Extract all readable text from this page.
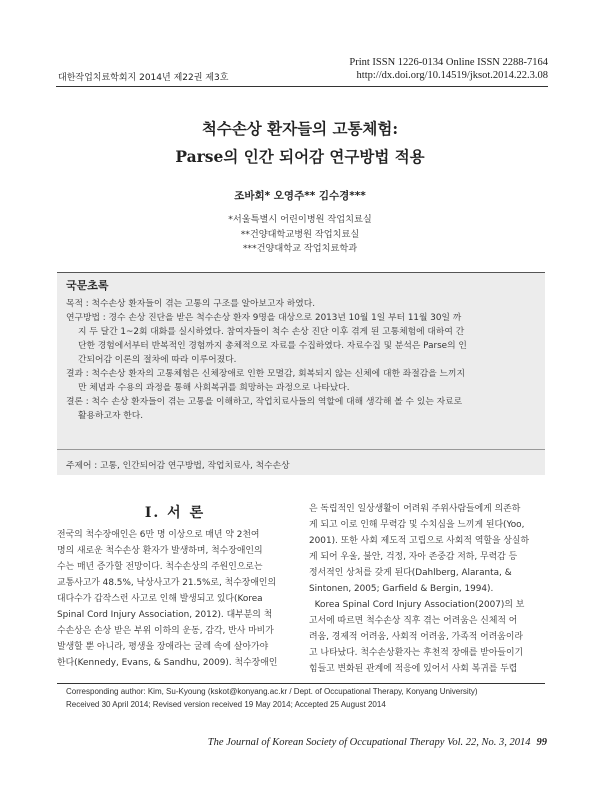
Print ISSN 1226-0134 Online ISSN 2288-7164
http://dx.doi.org/10.14519/jksot.2014.22.3.08
대한작업치료학회지 2014년 제22권 제3호
척수손상 환자들의 고통체험:
Parse의 인간 되어감 연구방법 적용
조바회* 오영주** 김수경***
*서울특별시 어린이병원 작업치료실
**건양대학교병원 작업치료실
***건양대학교 작업치료학과
국문초록
목적 : 척수손상 환자들이 겪는 고통의 구조를 알아보고자 하였다.
연구방법 : 경수 손상 진단을 받은 척수손상 환자 9명을 대상으로 2013년 10월 1일 부터 11월 30일 까
지 두 달간 1~2회 대화를 실시하였다. 참여자들이 척수 손상 진단 이후 겪게 된 고통체험에 대하여 간
단한 경험에서부터 반복적인 경험까지 총체적으로 자료를 수집하였다. 자료수집 및 분석은 Parse의 인
간되어감 이론의 절차에 따라 이루어졌다.
결과 : 척수손상 환자의 고통체험은 신체장애로 인한 모멸감, 회복되지 않는 신체에 대한 좌절감을 느끼지
만 체념과 수용의 과정을 통해 사회복귀를 희망하는 과정으로 나타났다.
결론 : 척수 손상 환자들이 겪는 고통을 이해하고, 작업치료사들의 역할에 대해 생각해 볼 수 있는 자료로
활용하고자 한다.
주제어 : 고통, 인간되어감 연구방법, 작업치료사, 척수손상
Ⅰ. 서 론
전국의 척수장애인은 6만 명 이상으로 매년 약 2천여
명의 새로운 척수손상 환자가 발생하며, 척수장애인의
수는 매년 증가할 전망이다. 척수손상의 주원인으로는
교통사고가 48.5%, 낙상사고가 21.5%로, 척수장애인의
대다수가 갑작스런 사고로 인해 발생되고 있다(Korea
Spinal Cord Injury Association, 2012). 대부분의 척
수손상은 손상 받은 부위 이하의 운동, 감각, 반사 마비가
발생할 뿐 아니라, 평생을 장애라는 굴레 속에 살아가야
한다(Kennedy, Evans, & Sandhu, 2009). 척수장애인
은 독립적인 일상생활이 어려워 주위사람들에게 의존하
게 되고 이로 인해 무력감 및 수치심을 느끼게 된다(Yoo,
2001). 또한 사회 제도적 고립으로 사회적 역할을 상실하
게 되어 우울, 불안, 걱정, 자아 존중감 저하, 무력감 등
정서적인 상처를 갖게 된다(Dahlberg, Alaranta, &
Sintonen, 2005; Garfield & Bergin, 1994).
Korea Spinal Cord Injury Association(2007)의 보
고서에 따르면 척수손상 직후 겪는 어려움은 신체적 어
려움, 경제적 어려움, 사회적 어려움, 가족적 어려움이라
고 나타났다. 척수손상환자는 후천적 장애를 받아들이기
힘들고 변화된 관계에 적응에 있어서 사회 복귀를 두렵
Corresponding author: Kim, Su-Kyoung (kskot@konyang.ac.kr / Dept. of Occupational Therapy, Konyang University)
Received 30 April 2014; Revised version received 19 May 2014; Accepted 25 August 2014
The Journal of Korean Society of Occupational Therapy Vol. 22, No. 3, 2014 99
